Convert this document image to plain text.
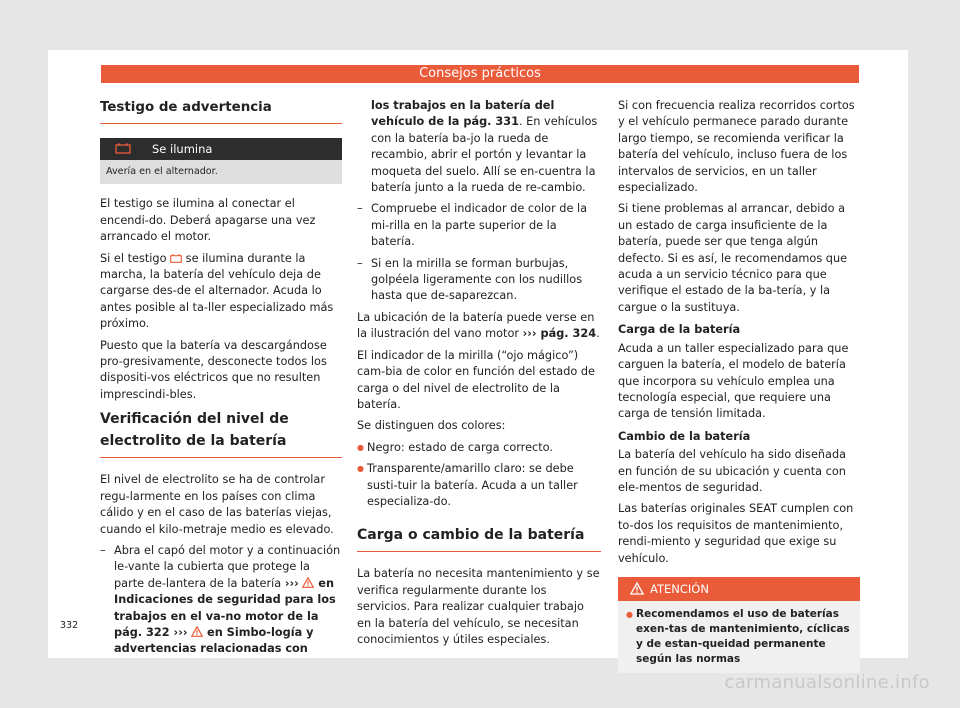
Consejos prácticos
Testigo de advertencia
Se ilumina
Avería en el alternador.

El testigo se ilumina al conectar el encendi-do. Deberá apagarse una vez arrancado el motor.

Si el testigo  se ilumina durante la marcha, la batería del vehículo deja de cargarse des-de el alternador. Acuda lo antes posible al ta-ller especializado más próximo.

Puesto que la batería va descargándose pro-gresivamente, desconecte todos los dispositi-vos eléctricos que no resulten imprescindi-bles.

Verificación del nivel de electrolito de la batería

El nivel de electrolito se ha de controlar regu-larmente en los países con clima cálido y en el caso de las baterías viejas, cuando el kilo-metraje medio es elevado.

– Abra el capó del motor y a continuación le-vante la cubierta que protege la parte de-lantera de la batería ›››  en Indicaciones de seguridad para los trabajos en el va-no motor de la pág. 322 ›››  en Simbo-logía y advertencias relacionadas con

los trabajos en la batería del vehículo de la pág. 331. En vehículos con la batería ba-jo la rueda de recambio, abrir el portón y levantar la moqueta del suelo. Allí se en-cuentra la batería junto a la rueda de re-cambio.

– Compruebe el indicador de color de la mi-rilla en la parte superior de la batería.

– Si en la mirilla se forman burbujas, golpéela ligeramente con los nudillos hasta que de-saparezcan.

La ubicación de la batería puede verse en la ilustración del vano motor ››› pág. 324.

El indicador de la mirilla (“ojo mágico”) cam-bia de color en función del estado de carga o del nivel de electrolito de la batería.

Se distinguen dos colores:

● Negro: estado de carga correcto.

● Transparente/amarillo claro: se debe susti-tuir la batería. Acuda a un taller especializa-do.

Carga o cambio de la batería

La batería no necesita mantenimiento y se verifica regularmente durante los servicios. Para realizar cualquier trabajo en la batería del vehículo, se necesitan conocimientos y útiles especiales.

Si con frecuencia realiza recorridos cortos y el vehículo permanece parado durante largo tiempo, se recomienda verificar la batería del vehículo, incluso fuera de los intervalos de servicios, en un taller especializado.

Si tiene problemas al arrancar, debido a un estado de carga insuficiente de la batería, puede ser que tenga algún defecto. Si es así, le recomendamos que acuda a un servicio técnico para que verifique el estado de la ba-tería, y la cargue o la sustituya.

Carga de la batería

Acuda a un taller especializado para que carguen la batería, el modelo de batería que incorpora su vehículo emplea una tecnología especial, que requiere una carga de tensión limitada.

Cambio de la batería

La batería del vehículo ha sido diseñada en función de su ubicación y cuenta con ele-mentos de seguridad.

Las baterías originales SEAT cumplen con to-dos los requisitos de mantenimiento, rendi-miento y seguridad que exige su vehículo.

ATENCIÓN
● Recomendamos el uso de baterías exen-tas de mantenimiento, cíclicas y de estan-queidad permanente según las normas
332
carmanualsonline.info
